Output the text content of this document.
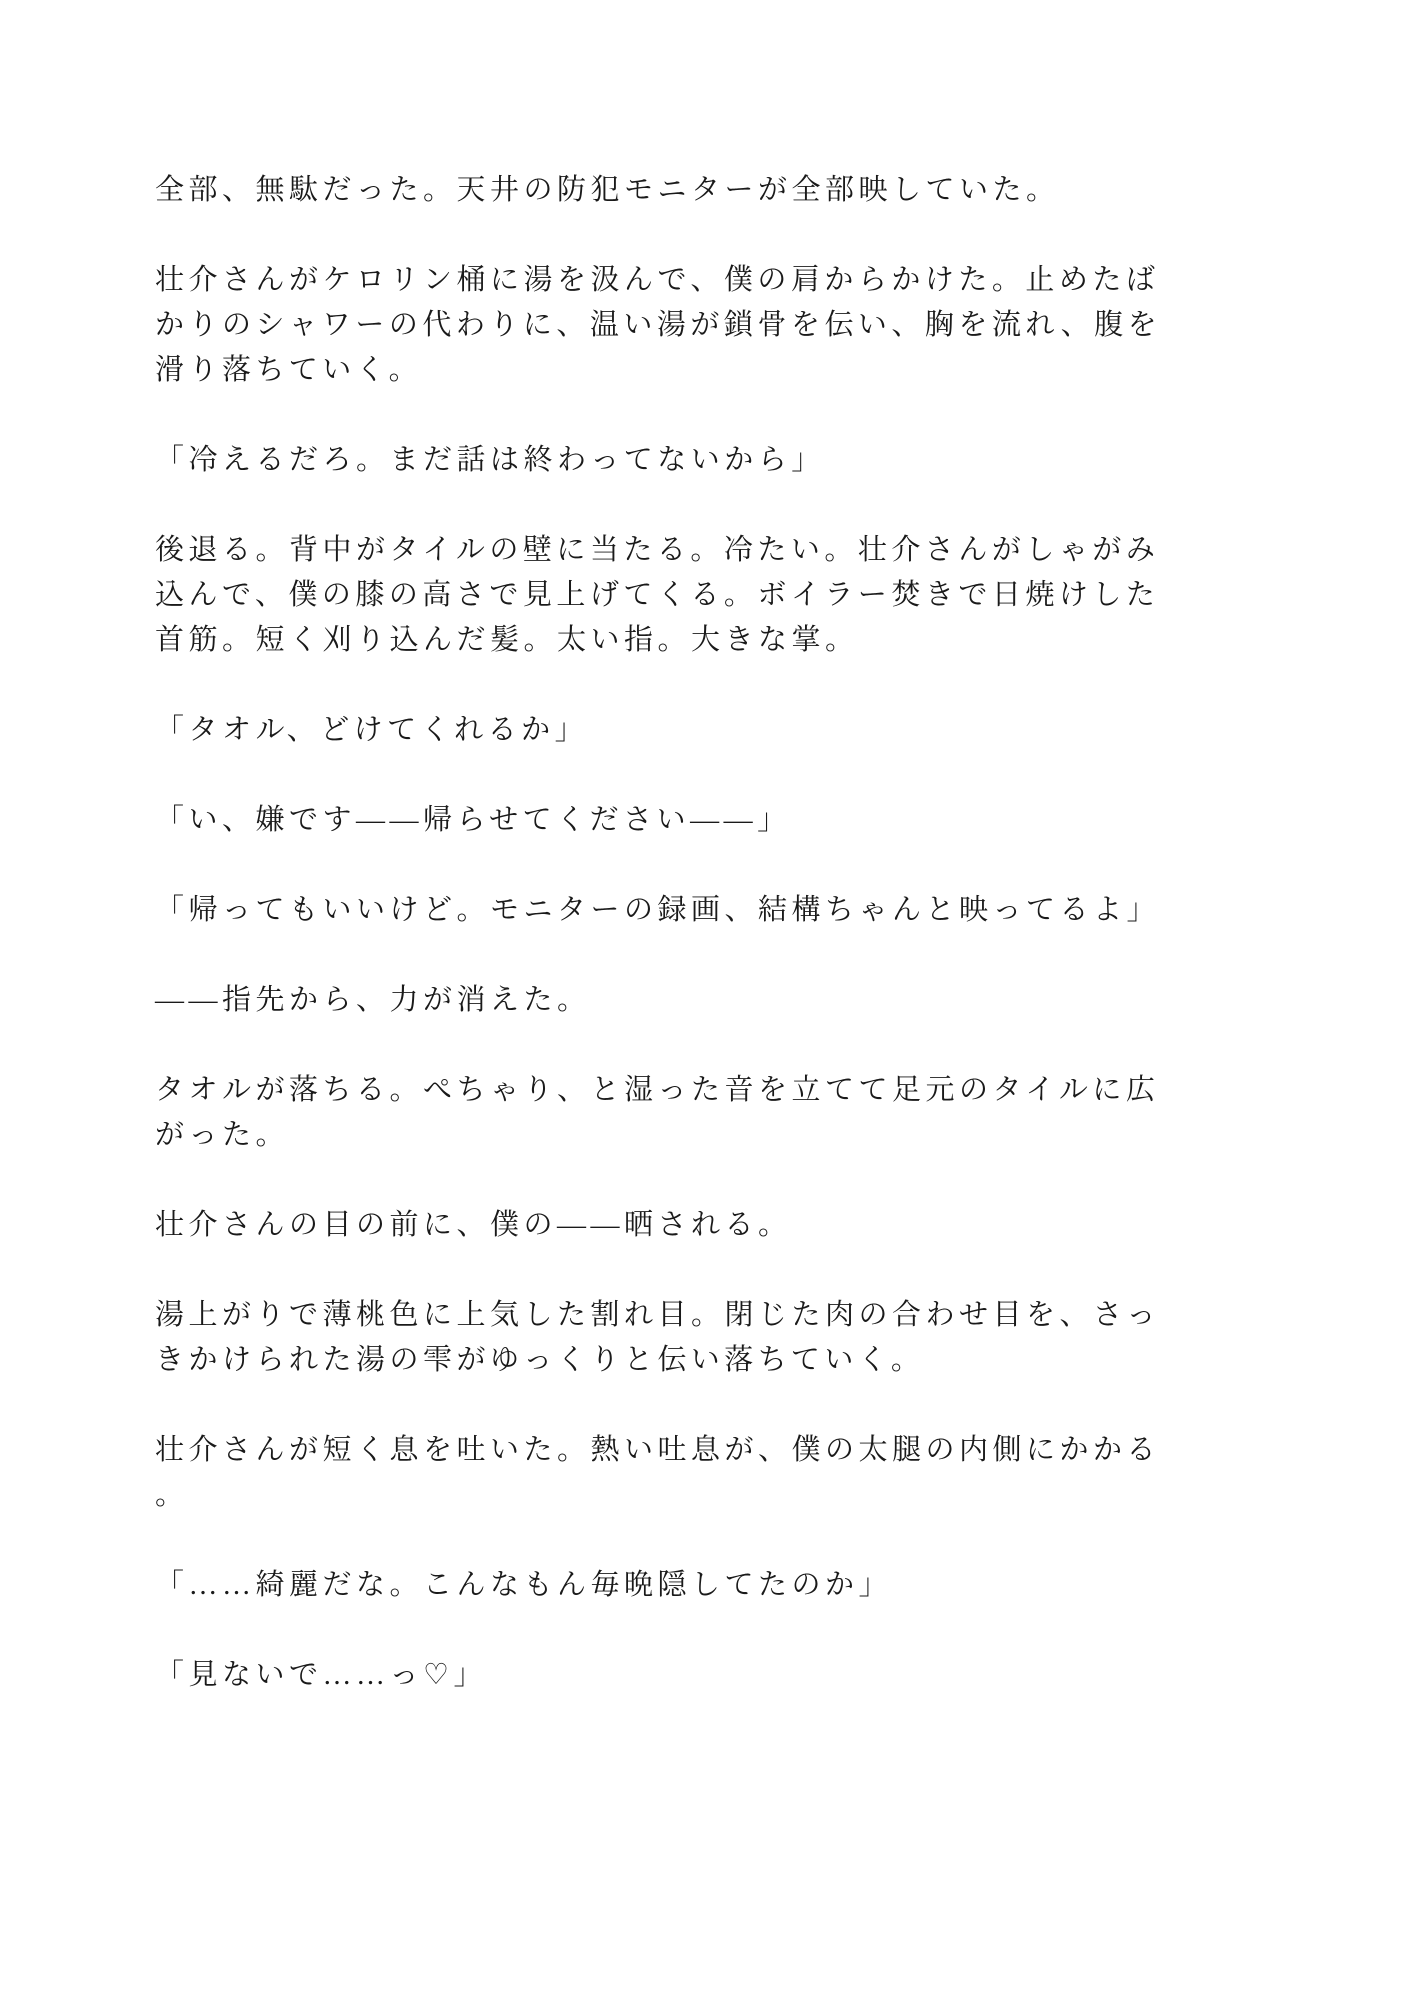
全部、無駄だった。天井の防犯モニターが全部映していた。

壮介さんがケロリン桶に湯を汲んで、僕の肩からかけた。止めたば
かりのシャワーの代わりに、温い湯が鎖骨を伝い、胸を流れ、腹を
滑り落ちていく。

「冷えるだろ。まだ話は終わってないから」

後退る。背中がタイルの壁に当たる。冷たい。壮介さんがしゃがみ
込んで、僕の膝の高さで見上げてくる。ボイラー焚きで日焼けした
首筋。短く刈り込んだ髪。太い指。大きな掌。

「タオル、どけてくれるか」

「い、嫌です——帰らせてください——」

「帰ってもいいけど。モニターの録画、結構ちゃんと映ってるよ」

——指先から、力が消えた。

タオルが落ちる。ぺちゃり、と湿った音を立てて足元のタイルに広
がった。

壮介さんの目の前に、僕の——晒される。

湯上がりで薄桃色に上気した割れ目。閉じた肉の合わせ目を、さっ
きかけられた湯の雫がゆっくりと伝い落ちていく。

壮介さんが短く息を吐いた。熱い吐息が、僕の太腿の内側にかかる
。

「……綺麗だな。こんなもん毎晩隠してたのか」

「見ないで……っ♡」
